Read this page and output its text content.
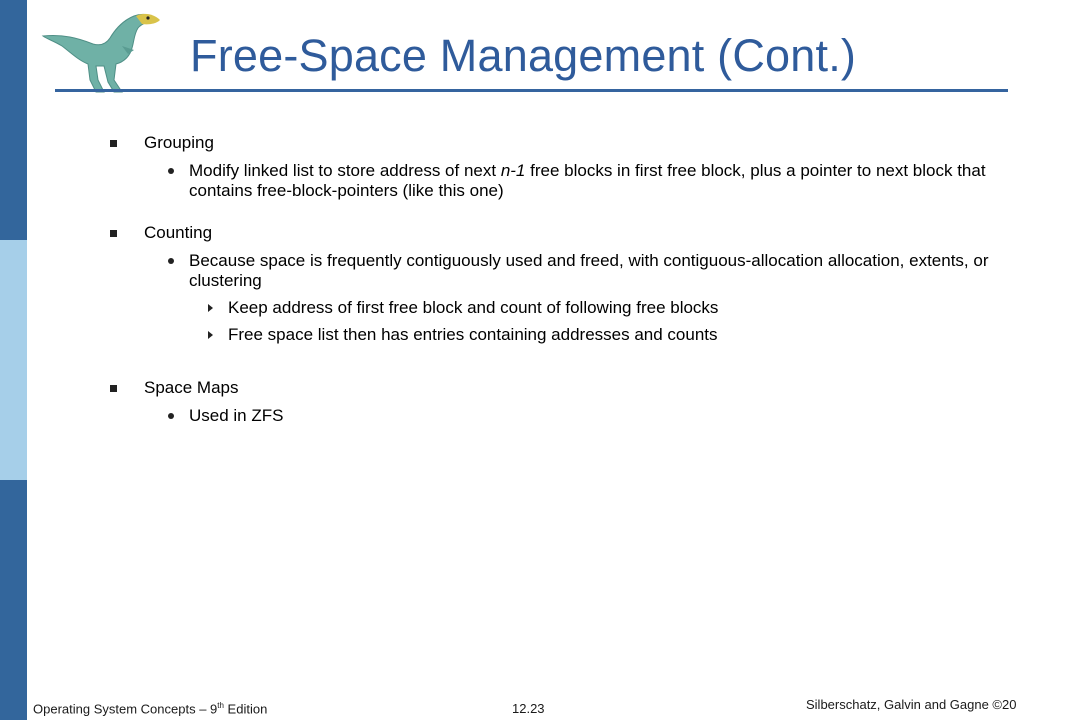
Free-Space Management (Cont.)
Grouping
Modify linked list to store address of next n-1 free blocks in first free block, plus a pointer to next block that
contains free-block-pointers (like this one)
Counting
Because space is frequently contiguously used and freed, with contiguous-allocation allocation, extents, or
clustering
Keep address of first free block and count of following free blocks
Free space list then has entries containing addresses and counts
Space Maps
Used in ZFS
Operating System Concepts – 9th Edition	12.23	Silberschatz, Galvin and Gagne ©20
